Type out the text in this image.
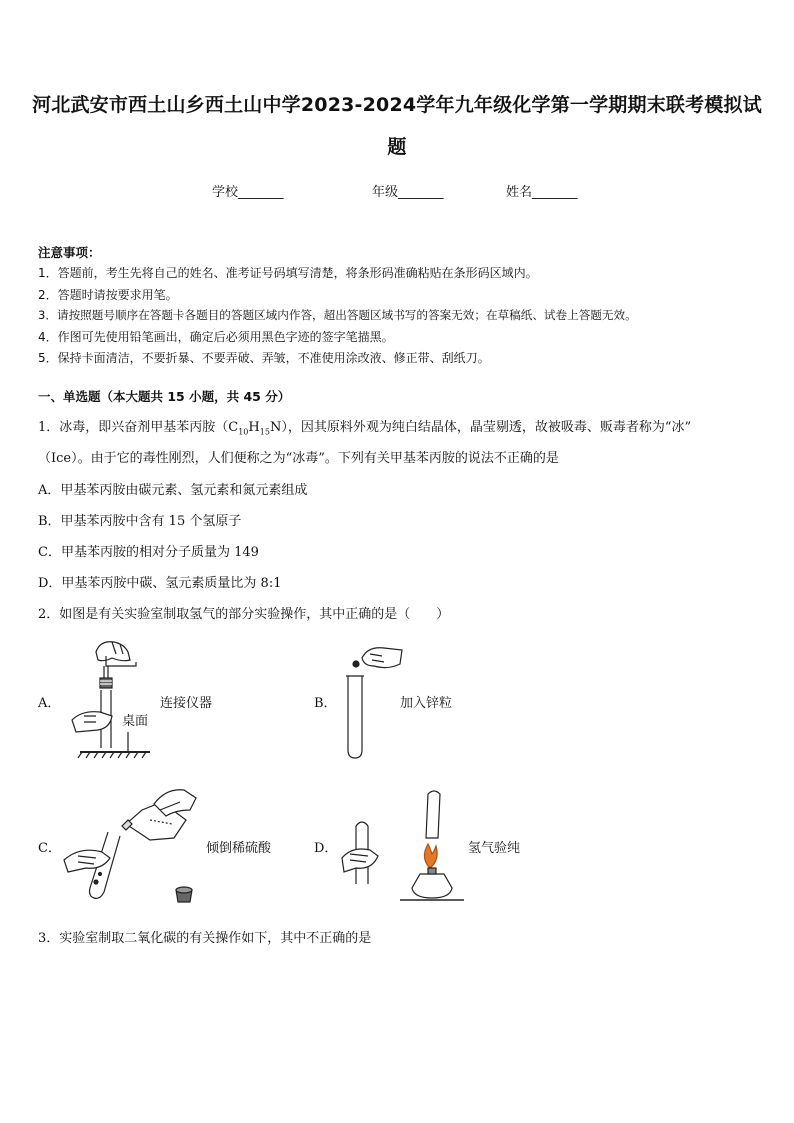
河北武安市西土山乡西土山中学2023-2024学年九年级化学第一学期期末联考模拟试
题
学校_______	年级_______	姓名_______
注意事项：
1．答题前，考生先将自己的姓名、准考证号码填写清楚，将条形码准确粘贴在条形码区域内。
2．答题时请按要求用笔。
3．请按照题号顺序在答题卡各题目的答题区域内作答，超出答题区域书写的答案无效；在草稿纸、试卷上答题无效。
4．作图可先使用铅笔画出，确定后必须用黑色字迹的签字笔描黑。
5．保持卡面清洁，不要折暴、不要弄破、弄皱，不准使用涂改液、修正带、刮纸刀。
一、单选题（本大题共 15 小题，共 45 分）
1．冰毒，即兴奋剂甲基苯丙胺$(C_{10}H_{15}N)$，因其原料外观为纯白结晶体，晶莹剔透，故被吸毒、贩毒者称为“冰”
（Ice）。由于它的毒性刚烈，人们便称之为“冰毒”。下列有关甲基苯丙胺的说法不正确的是
A．甲基苯丙胺由碳元素、氢元素和氮元素组成
B．甲基苯丙胺中含有 15 个氢原子
C．甲基苯丙胺的相对分子质量为 149
D．甲基苯丙胺中碳、氢元素质量比为 8:1
2．如图是有关实验室制取氢气的部分实验操作，其中正确的是（　　）
A．	连接仪器
桌面
B．	加入锌粒
C．	倾倒稀硫酸	D．	氢气验纯
3．实验室制取二氧化碳的有关操作如下，其中不正确的是
